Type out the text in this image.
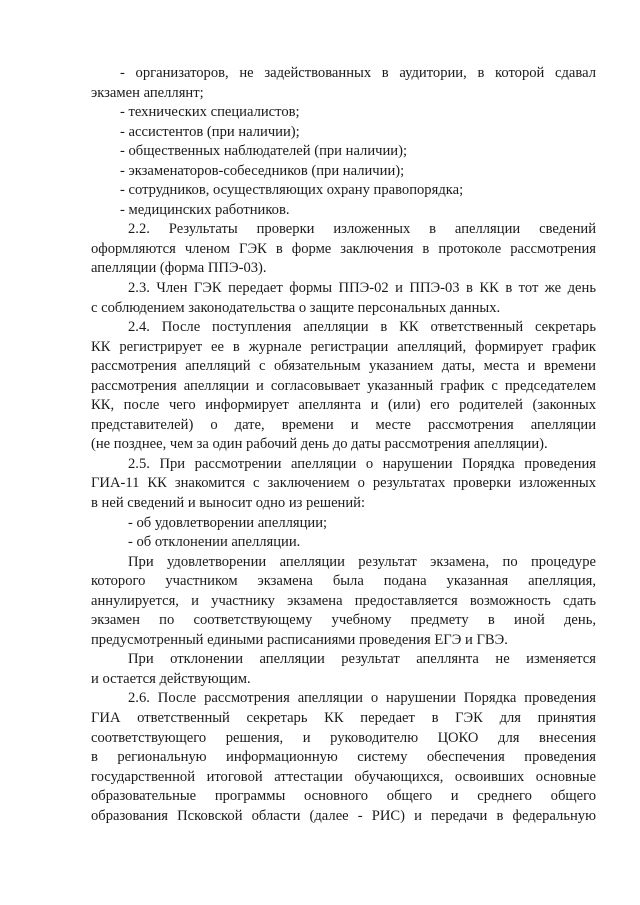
- организаторов, не задействованных в аудитории, в которой сдавал
экзамен апеллянт;
- технических специалистов;
- ассистентов (при наличии);
- общественных наблюдателей (при наличии);
- экзаменаторов-собеседников (при наличии);
- сотрудников, осуществляющих охрану правопорядка;
- медицинских работников.
2.2. Результаты проверки изложенных в апелляции сведений
оформляются членом ГЭК в форме заключения в протоколе рассмотрения
апелляции (форма ППЭ-03).
2.3. Член ГЭК передает формы ППЭ-02 и ППЭ-03 в КК в тот же день
с соблюдением законодательства о защите персональных данных.
2.4. После поступления апелляции в КК ответственный секретарь
КК регистрирует ее в журнале регистрации апелляций, формирует график
рассмотрения апелляций с обязательным указанием даты, места и времени
рассмотрения апелляции и согласовывает указанный график с председателем
КК, после чего информирует апеллянта и (или) его родителей (законных
представителей) о дате, времени и месте рассмотрения апелляции
(не позднее, чем за один рабочий день до даты рассмотрения апелляции).
2.5. При рассмотрении апелляции о нарушении Порядка проведения
ГИА-11 КК знакомится с заключением о результатах проверки изложенных
в ней сведений и выносит одно из решений:
- об удовлетворении апелляции;
- об отклонении апелляции.
При удовлетворении апелляции результат экзамена, по процедуре
которого участником экзамена была подана указанная апелляция,
аннулируется, и участнику экзамена предоставляется возможность сдать
экзамен по соответствующему учебному предмету в иной день,
предусмотренный едиными расписаниями проведения ЕГЭ и ГВЭ.
При отклонении апелляции результат апеллянта не изменяется
и остается действующим.
2.6. После рассмотрения апелляции о нарушении Порядка проведения
ГИА ответственный секретарь КК передает в ГЭК для принятия
соответствующего решения, и руководителю ЦОКО для внесения
в региональную информационную систему обеспечения проведения
государственной итоговой аттестации обучающихся, освоивших основные
образовательные программы основного общего и среднего общего
образования Псковской области (далее - РИС) и передачи в федеральную
